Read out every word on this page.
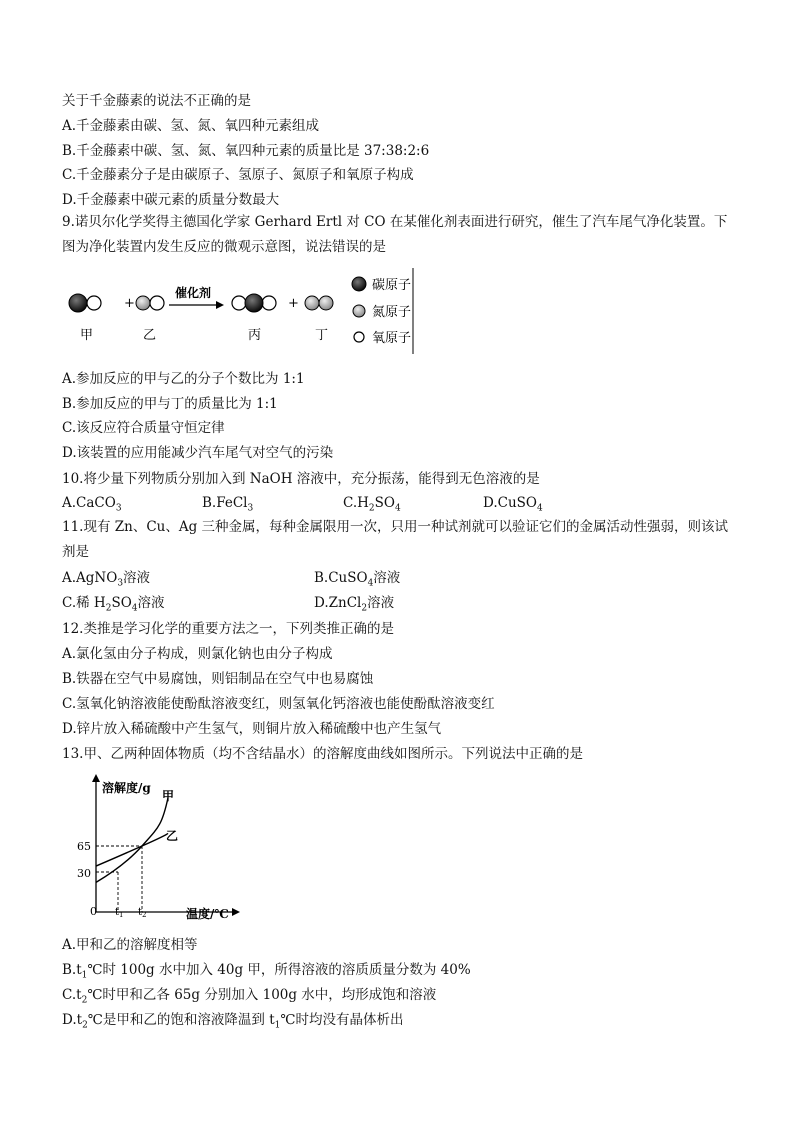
关于千金藤素的说法不正确的是
A.千金藤素由碳、氢、氮、氧四种元素组成
B.千金藤素中碳、氢、氮、氧四种元素的质量比是 37:38:2:6
C.千金藤素分子是由碳原子、氢原子、氮原子和氧原子构成
D.千金藤素中碳元素的质量分数最大
9.诺贝尔化学奖得主德国化学家 Gerhard Ertl 对 CO 在某催化剂表面进行研究，催生了汽车尾气净化装置。下图为净化装置内发生反应的微观示意图，说法错误的是
+
催化剂
+
甲	乙	丙	丁
碳原子
氮原子
氧原子
A.参加反应的甲与乙的分子个数比为 1:1
B.参加反应的甲与丁的质量比为 1:1
C.该反应符合质量守恒定律
D.该装置的应用能减少汽车尾气对空气的污染
10.将少量下列物质分别加入到 NaOH 溶液中，充分振荡，能得到无色溶液的是
A.CaCO$_3$	B.FeCl$_3$	$C.H_2SO_4$	D.CuSO$_4$
11.现有 Zn、Cu、Ag 三种金属，每种金属限用一次，只用一种试剂就可以验证它们的金属活动性强弱，则该试剂是
A.AgNO$_3$溶液	B.CuSO$_4$溶液
C.稀 $H_2SO_4$溶液	D.ZnCl$_2$溶液
12.类推是学习化学的重要方法之一，下列类推正确的是
A.氯化氢由分子构成，则氯化钠也由分子构成
B.铁器在空气中易腐蚀，则铝制品在空气中也易腐蚀
C.氢氧化钠溶液能使酚酞溶液变红，则氢氧化钙溶液也能使酚酞溶液变红
D.锌片放入稀硫酸中产生氢气，则铜片放入稀硫酸中也产生氢气
13.甲、乙两种固体物质（均不含结晶水）的溶解度曲线如图所示。下列说法中正确的是
溶解度/g
温度/℃
0
65
30
$t_1$ $t_2$
甲
乙
A.甲和乙的溶解度相等
$B.t_1℃$时 100g 水中加入 40g 甲，所得溶液的溶质质量分数为 40%
$C.t_2℃$时甲和乙各 65g 分别加入 100g 水中，均形成饱和溶液
$D.t_2℃$是甲和乙的饱和溶液降温到 $t_1℃$时均没有晶体析出
